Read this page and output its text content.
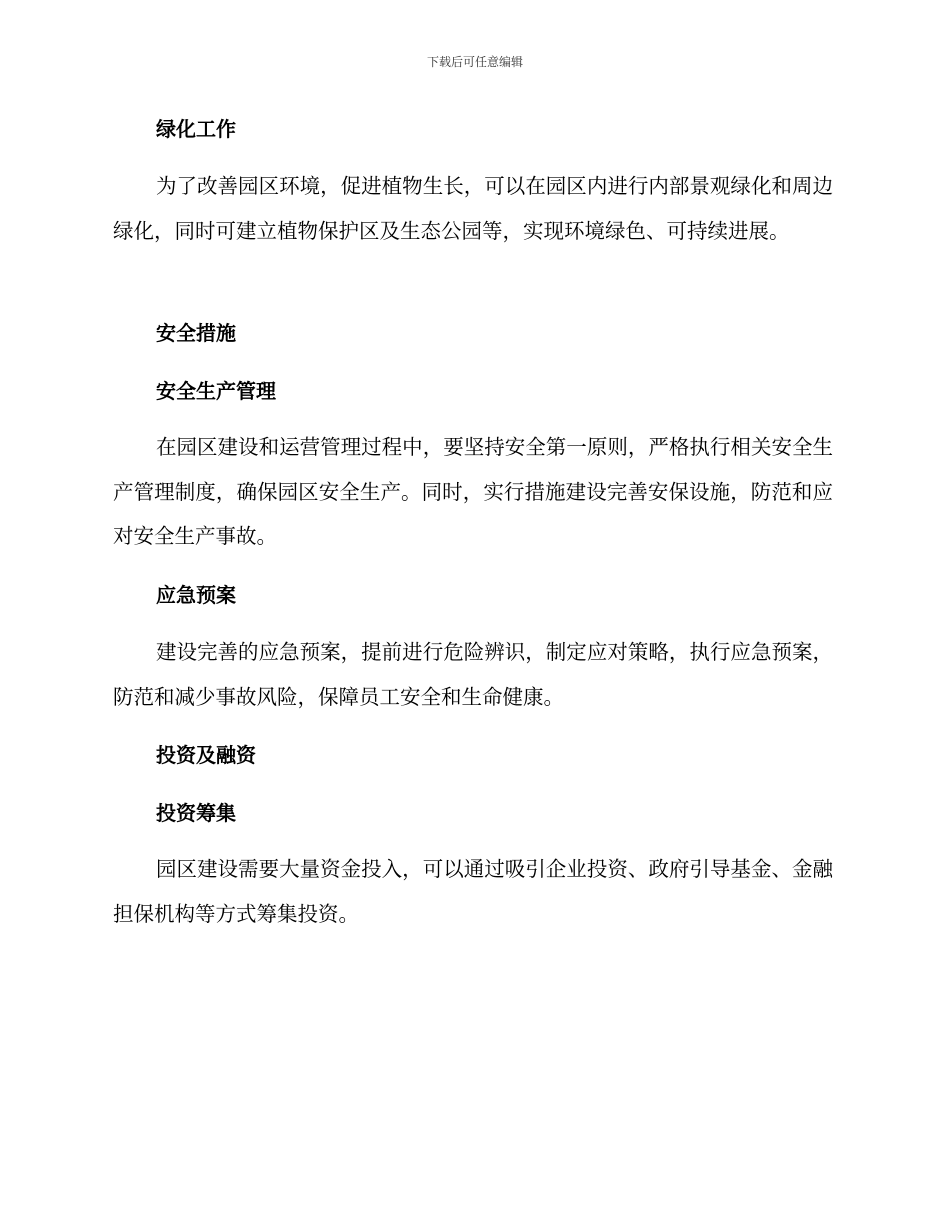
下载后可任意编辑
绿化工作

为了改善园区环境，促进植物生长，可以在园区内进行内部景观绿化和周边绿化，同时可建立植物保护区及生态公园等，实现环境绿色、可持续进展。

安全措施
安全生产管理

在园区建设和运营管理过程中，要坚持安全第一原则，严格执行相关安全生产管理制度，确保园区安全生产。同时，实行措施建设完善安保设施，防范和应对安全生产事故。

应急预案

建设完善的应急预案，提前进行危险辨识，制定应对策略，执行应急预案，防范和减少事故风险，保障员工安全和生命健康。

投资及融资
投资筹集

园区建设需要大量资金投入，可以通过吸引企业投资、政府引导基金、金融担保机构等方式筹集投资。
